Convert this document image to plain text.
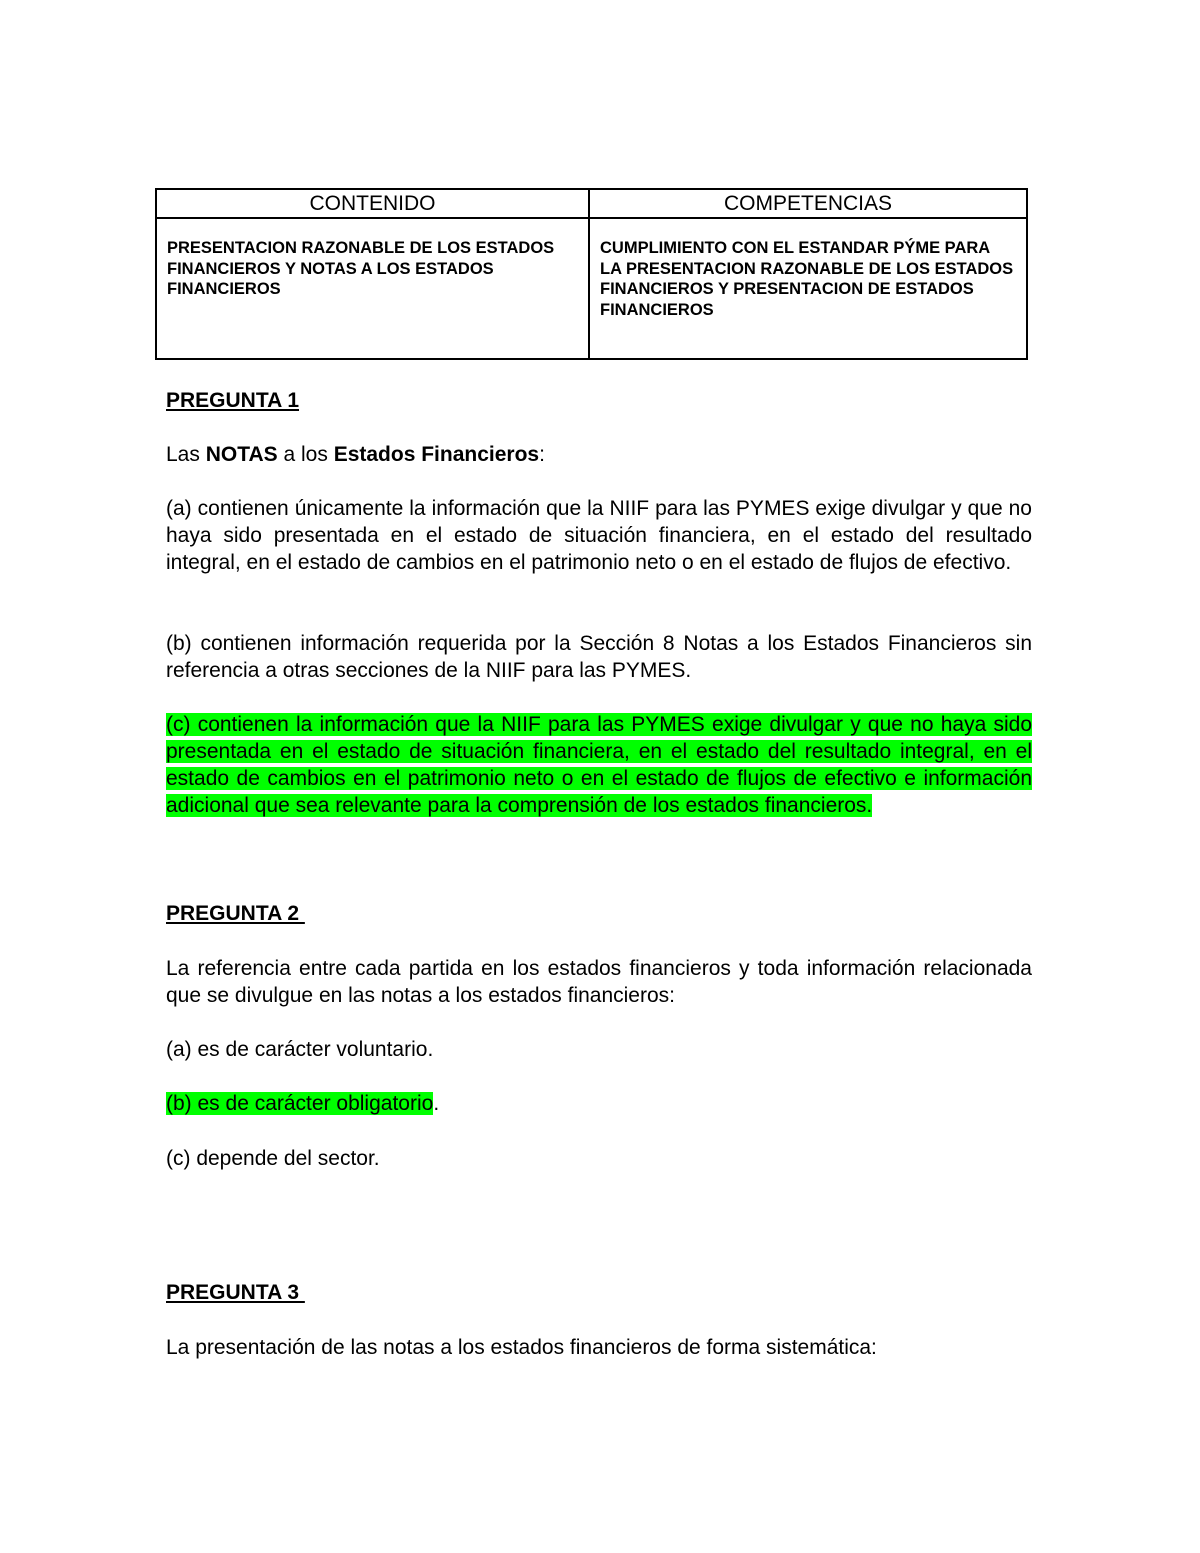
CONTENIDO	COMPETENCIAS
PRESENTACION RAZONABLE DE LOS ESTADOS FINANCIEROS Y NOTAS A LOS ESTADOS FINANCIEROS	CUMPLIMIENTO CON EL ESTANDAR PÝME PARA LA PRESENTACION RAZONABLE DE LOS ESTADOS FINANCIEROS Y PRESENTACION DE ESTADOS FINANCIEROS

PREGUNTA 1

Las NOTAS a los Estados Financieros:

(a) contienen únicamente la información que la NIIF para las PYMES exige divulgar y que no haya sido presentada en el estado de situación financiera, en el estado del resultado integral, en el estado de cambios en el patrimonio neto o en el estado de flujos de efectivo.

(b) contienen información requerida por la Sección 8 Notas a los Estados Financieros sin referencia a otras secciones de la NIIF para las PYMES.

(c) contienen la información que la NIIF para las PYMES exige divulgar y que no haya sido presentada en el estado de situación financiera, en el estado del resultado integral, en el estado de cambios en el patrimonio neto o en el estado de flujos de efectivo e información adicional que sea relevante para la comprensión de los estados financieros.

PREGUNTA 2

La referencia entre cada partida en los estados financieros y toda información relacionada que se divulgue en las notas a los estados financieros:

(a) es de carácter voluntario.

(b) es de carácter obligatorio.

(c) depende del sector.

PREGUNTA 3

La presentación de las notas a los estados financieros de forma sistemática:
